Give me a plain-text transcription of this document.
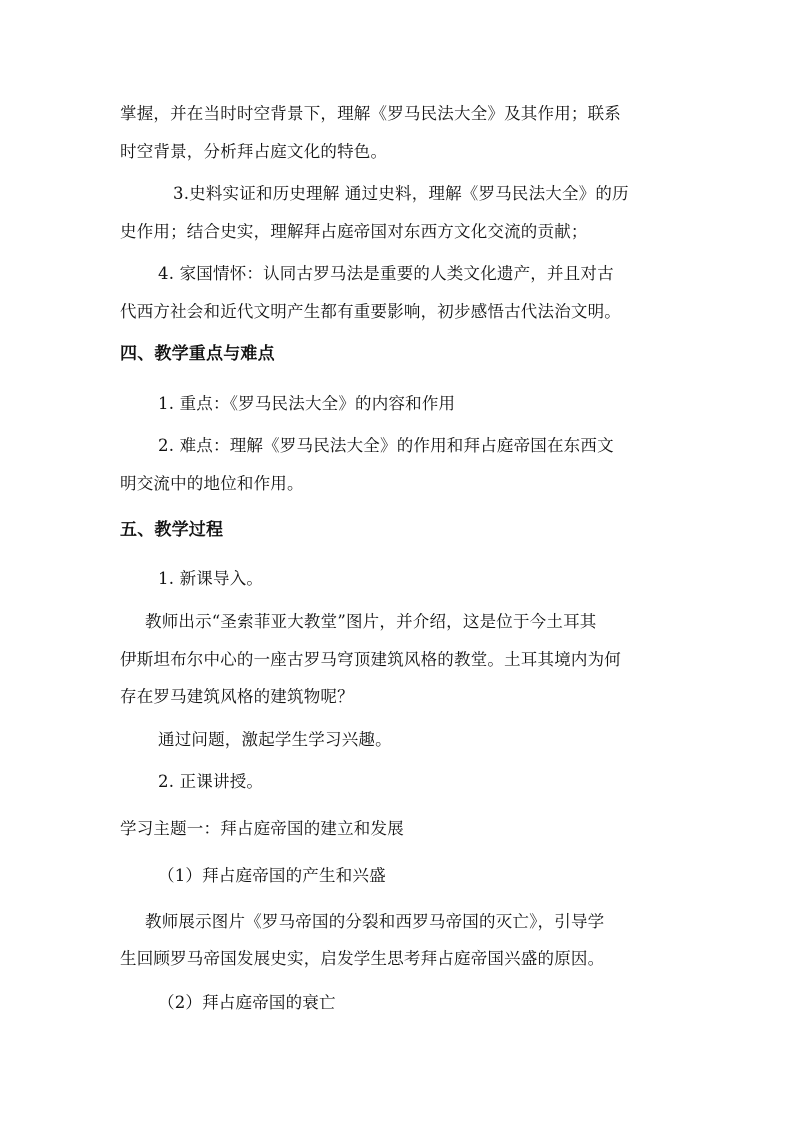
掌握，并在当时时空背景下，理解《罗马民法大全》及其作用；联系
时空背景，分析拜占庭文化的特色。
3.史料实证和历史理解 通过史料，理解《罗马民法大全》的历
史作用；结合史实，理解拜占庭帝国对东西方文化交流的贡献；
4. 家国情怀：认同古罗马法是重要的人类文化遗产，并且对古
代西方社会和近代文明产生都有重要影响，初步感悟古代法治文明。
四、教学重点与难点
1. 重点：《罗马民法大全》的内容和作用
2. 难点：理解《罗马民法大全》的作用和拜占庭帝国在东西文
明交流中的地位和作用。
五、教学过程
1. 新课导入。
教师出示“圣索菲亚大教堂”图片，并介绍，这是位于今土耳其
伊斯坦布尔中心的一座古罗马穹顶建筑风格的教堂。土耳其境内为何
存在罗马建筑风格的建筑物呢？
通过问题，激起学生学习兴趣。
2. 正课讲授。
学习主题一：拜占庭帝国的建立和发展
（1）拜占庭帝国的产生和兴盛
教师展示图片《罗马帝国的分裂和西罗马帝国的灭亡》，引导学
生回顾罗马帝国发展史实，启发学生思考拜占庭帝国兴盛的原因。
（2）拜占庭帝国的衰亡
